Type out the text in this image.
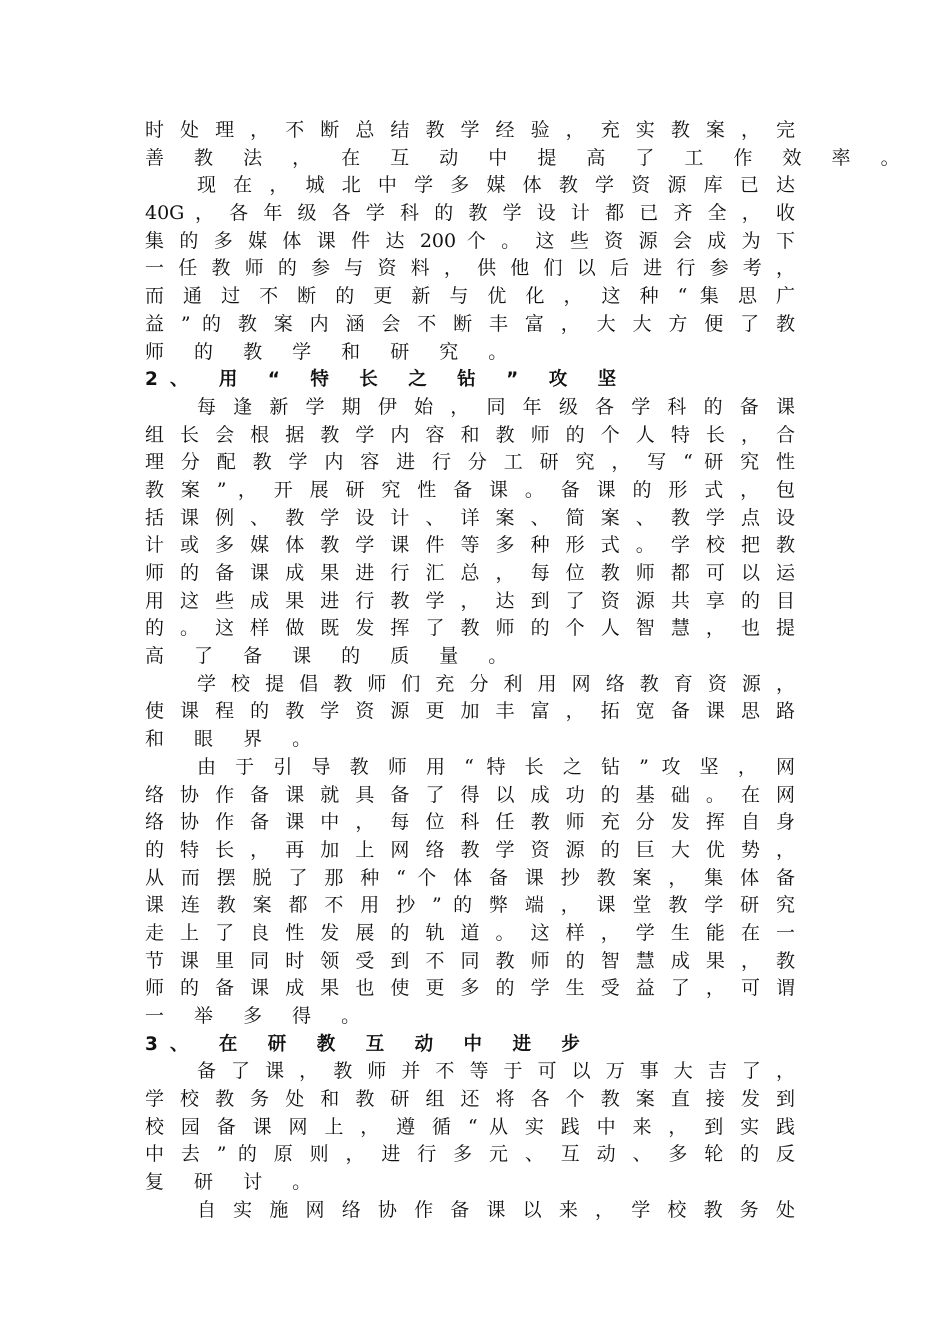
时 处 理 ， 不 断 总 结 教 学 经 验 ， 充 实 教 案 ， 完
善 教 法 ， 在 互 动 中 提 高 了 工 作 效 率 。
现 在 ， 城 北 中 学 多 媒 体 教 学 资 源 库 已 达
40G ， 各 年 级 各 学 科 的 教 学 设 计 都 已 齐 全 ， 收
集 的 多 媒 体 课 件 达 200 个 。 这 些 资 源 会 成 为 下
一 任 教 师 的 参 与 资 料 ， 供 他 们 以 后 进 行 参 考 ，
而 通 过 不 断 的 更 新 与 优 化 ， 这 种 “ 集 思 广
益 ” 的 教 案 内 涵 会 不 断 丰 富 ， 大 大 方 便 了 教
师 的 教 学 和 研 究 。
2、 用 “ 特 长 之 钻 ” 攻 坚
每 逢 新 学 期 伊 始 ， 同 年 级 各 学 科 的 备 课
组 长 会 根 据 教 学 内 容 和 教 师 的 个 人 特 长 ， 合
理 分 配 教 学 内 容 进 行 分 工 研 究 ， 写 “ 研 究 性
教 案 ” ， 开 展 研 究 性 备 课 。 备 课 的 形 式 ， 包
括 课 例 、 教 学 设 计 、 详 案 、 简 案 、 教 学 点 设
计 或 多 媒 体 教 学 课 件 等 多 种 形 式 。 学 校 把 教
师 的 备 课 成 果 进 行 汇 总 ， 每 位 教 师 都 可 以 运
用 这 些 成 果 进 行 教 学 ， 达 到 了 资 源 共 享 的 目
的 。 这 样 做 既 发 挥 了 教 师 的 个 人 智 慧 ， 也 提
高 了 备 课 的 质 量 。
学 校 提 倡 教 师 们 充 分 利 用 网 络 教 育 资 源 ，
使 课 程 的 教 学 资 源 更 加 丰 富 ， 拓 宽 备 课 思 路
和 眼 界 。
由 于 引 导 教 师 用 “ 特 长 之 钻 ” 攻 坚 ， 网
络 协 作 备 课 就 具 备 了 得 以 成 功 的 基 础 。 在 网
络 协 作 备 课 中 ， 每 位 科 任 教 师 充 分 发 挥 自 身
的 特 长 ， 再 加 上 网 络 教 学 资 源 的 巨 大 优 势 ，
从 而 摆 脱 了 那 种 “ 个 体 备 课 抄 教 案 ， 集 体 备
课 连 教 案 都 不 用 抄 ” 的 弊 端 ， 课 堂 教 学 研 究
走 上 了 良 性 发 展 的 轨 道 。 这 样 ， 学 生 能 在 一
节 课 里 同 时 领 受 到 不 同 教 师 的 智 慧 成 果 ， 教
师 的 备 课 成 果 也 使 更 多 的 学 生 受 益 了 ， 可 谓
一 举 多 得 。
3、 在 研 教 互 动 中 进 步
备 了 课 ， 教 师 并 不 等 于 可 以 万 事 大 吉 了 ，
学 校 教 务 处 和 教 研 组 还 将 各 个 教 案 直 接 发 到
校 园 备 课 网 上 ， 遵 循 “ 从 实 践 中 来 ， 到 实 践
中 去 ” 的 原 则 ， 进 行 多 元 、 互 动 、 多 轮 的 反
复 研 讨 。
自 实 施 网 络 协 作 备 课 以 来 ， 学 校 教 务 处
